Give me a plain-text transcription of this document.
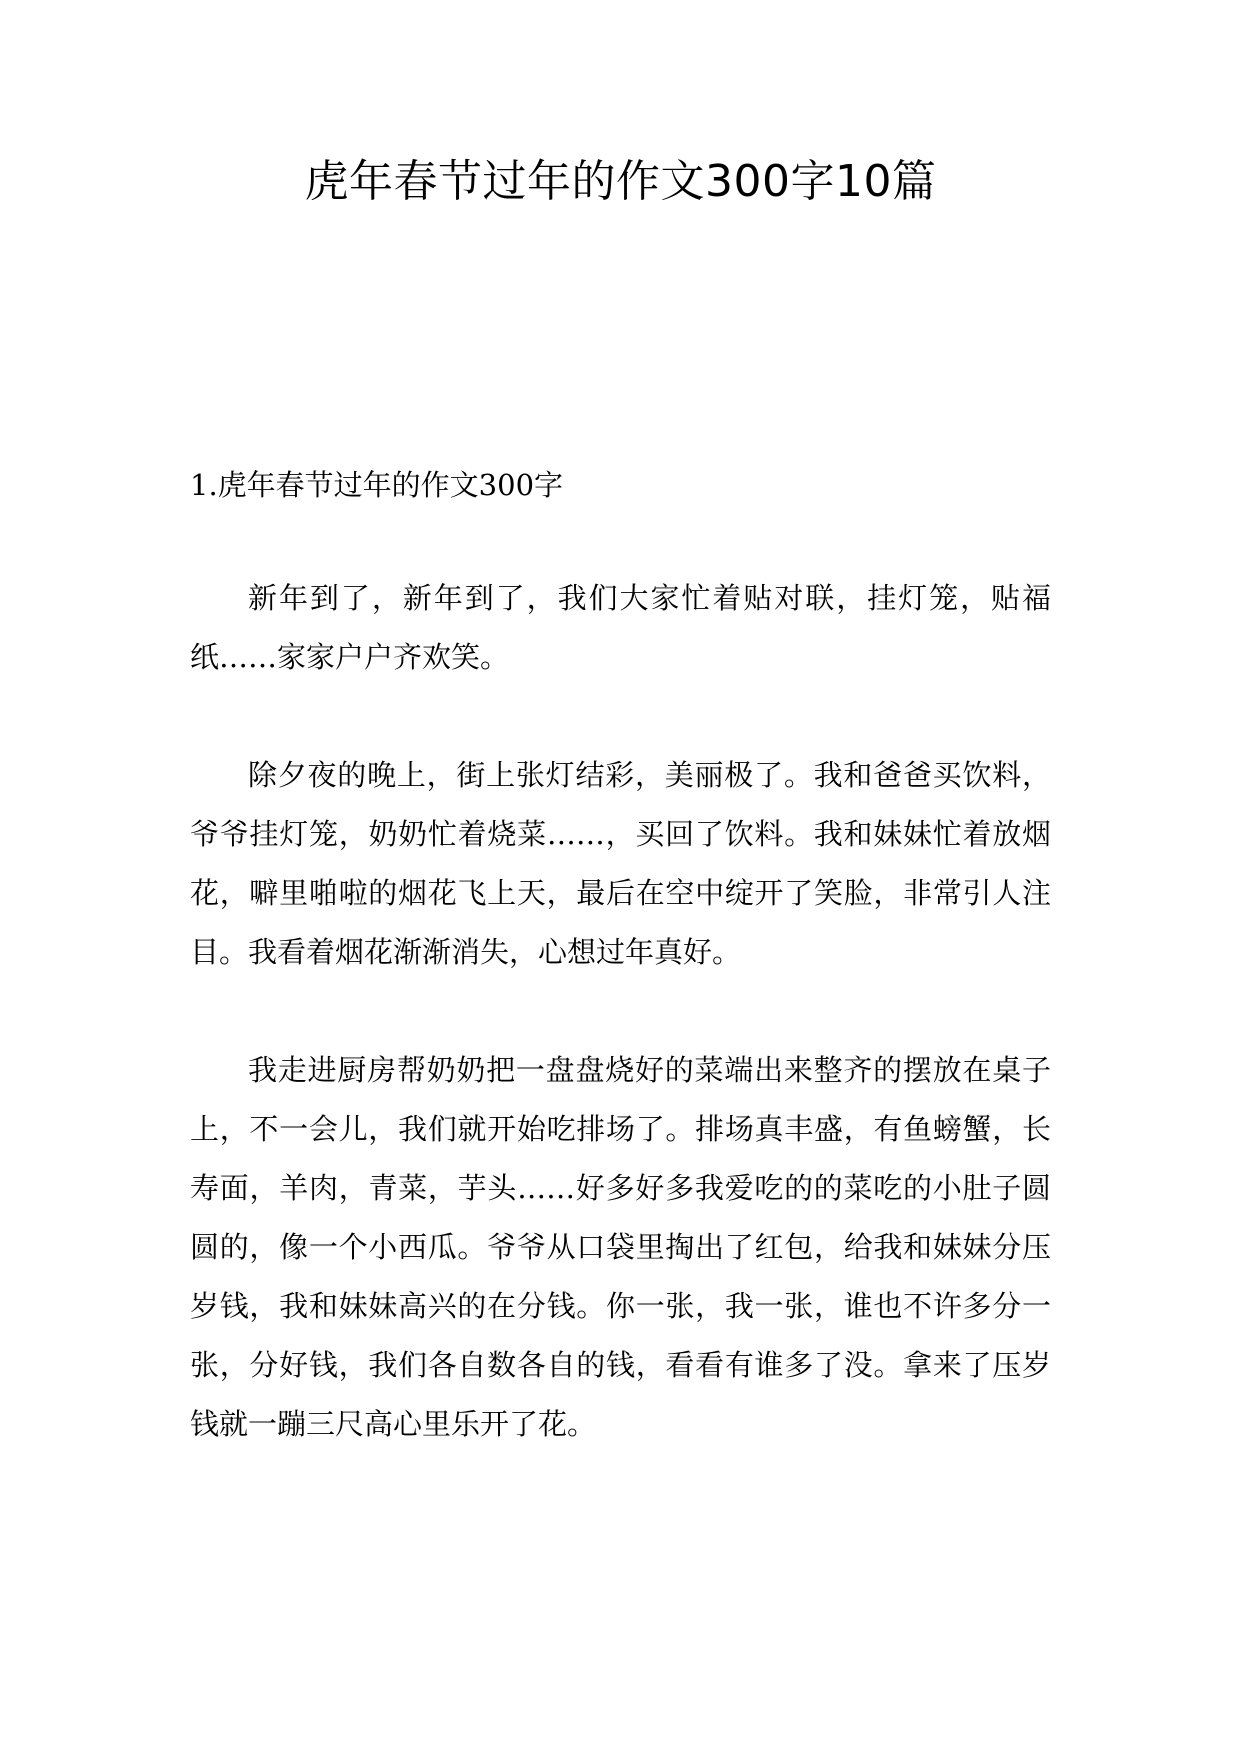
虎年春节过年的作文300字10篇
1.虎年春节过年的作文300字

新年到了，新年到了，我们大家忙着贴对联，挂灯笼，贴福纸……家家户户齐欢笑。

除夕夜的晚上，街上张灯结彩，美丽极了。我和爸爸买饮料，爷爷挂灯笼，奶奶忙着烧菜……，买回了饮料。我和妹妹忙着放烟花，噼里啪啦的烟花飞上天，最后在空中绽开了笑脸，非常引人注目。我看着烟花渐渐消失，心想过年真好。

我走进厨房帮奶奶把一盘盘烧好的菜端出来整齐的摆放在桌子上，不一会儿，我们就开始吃排场了。排场真丰盛，有鱼螃蟹，长寿面，羊肉，青菜，芋头……好多好多我爱吃的的菜吃的小肚子圆圆的，像一个小西瓜。爷爷从口袋里掏出了红包，给我和妹妹分压岁钱，我和妹妹高兴的在分钱。你一张，我一张，谁也不许多分一张，分好钱，我们各自数各自的钱，看看有谁多了没。拿来了压岁钱就一蹦三尺高心里乐开了花。
